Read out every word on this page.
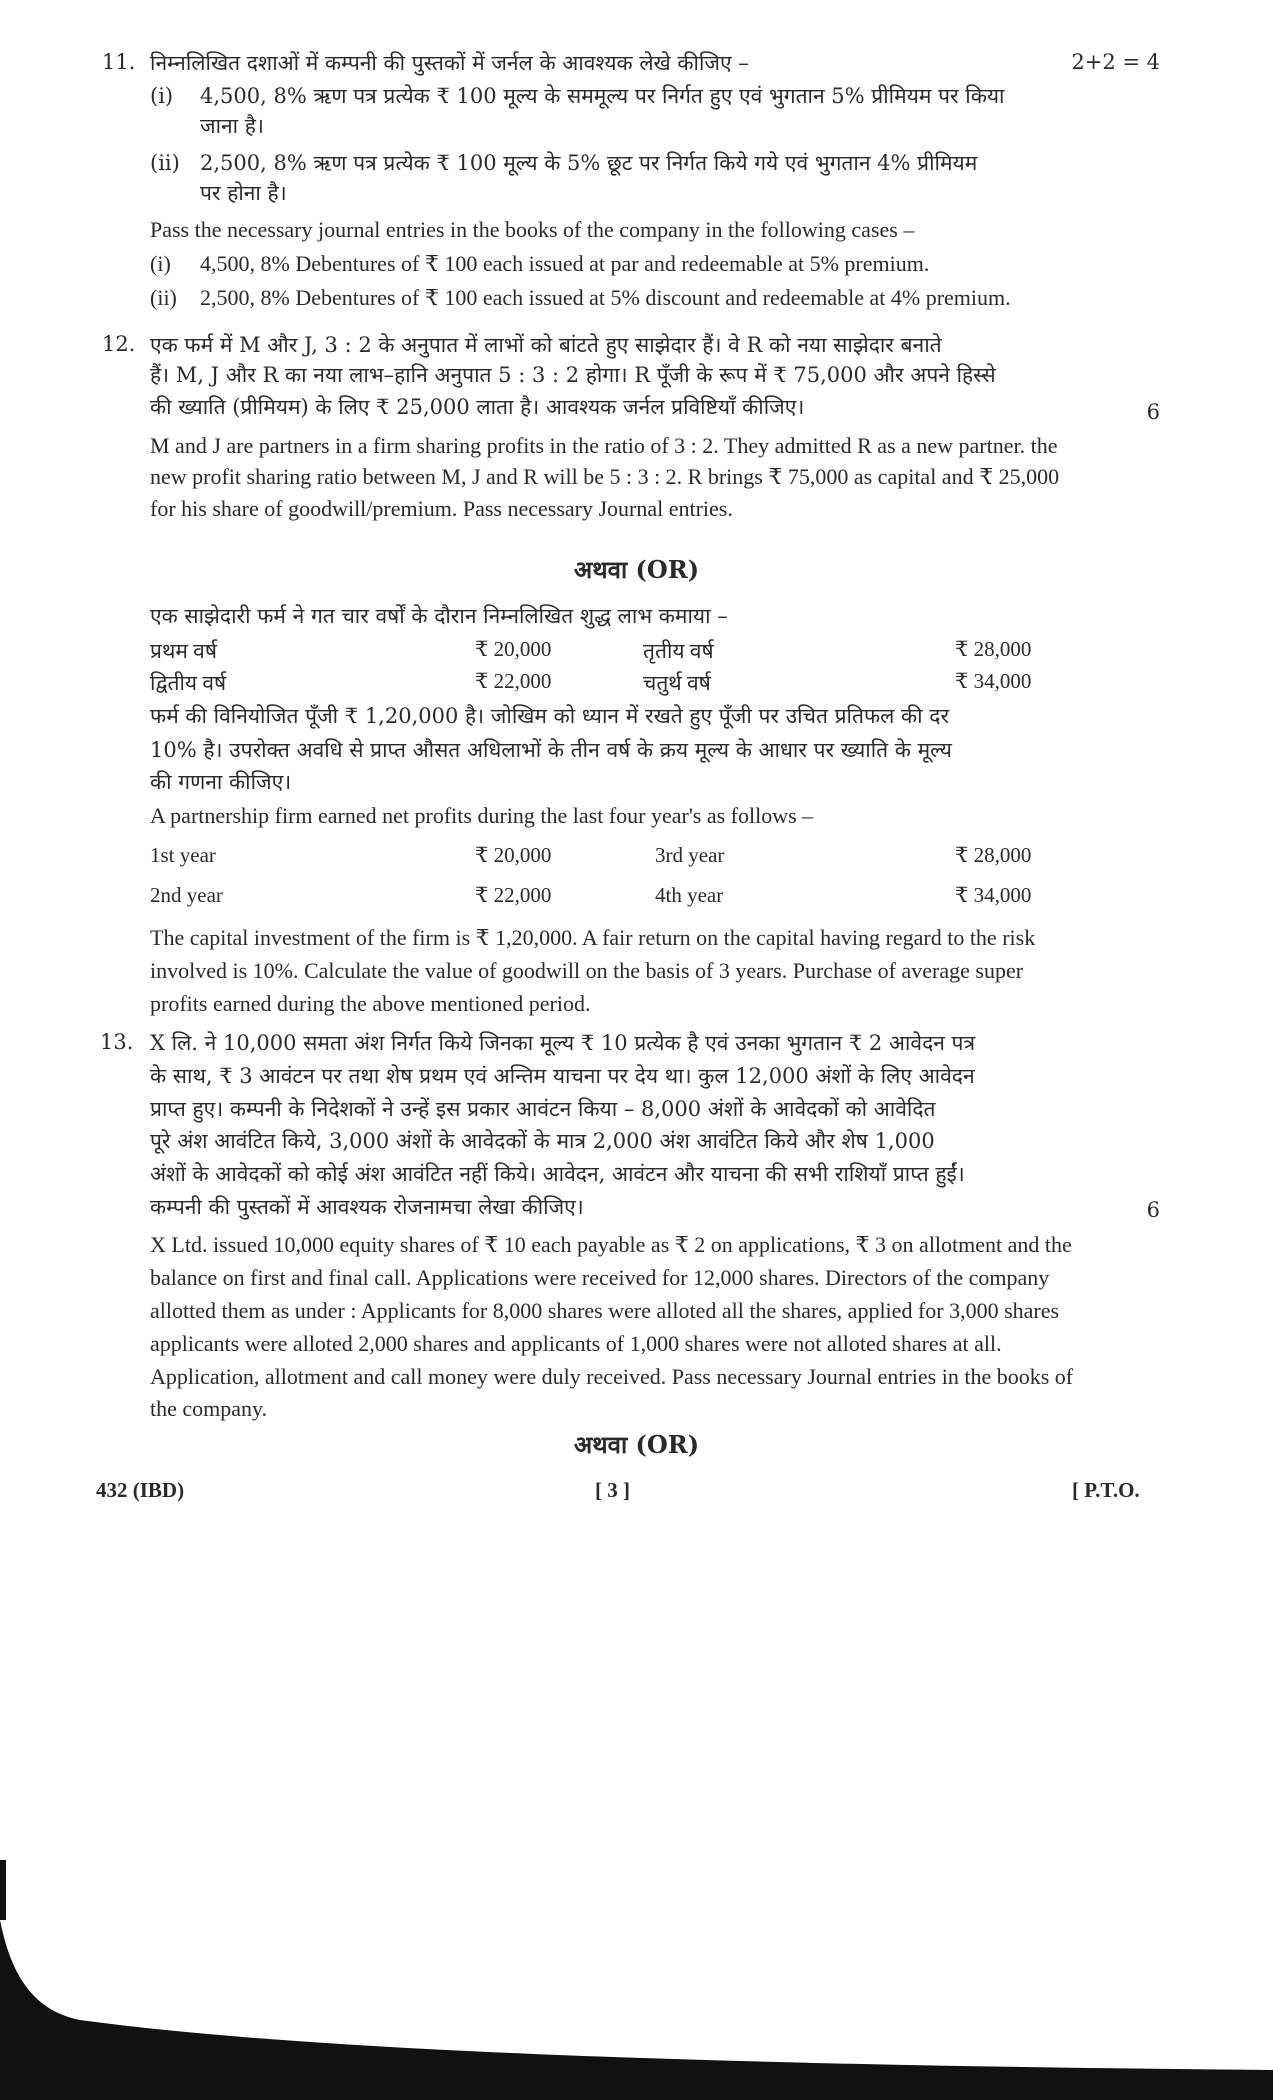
11. निम्नलिखित दशाओं में कम्पनी की पुस्तकों में जर्नल के आवश्यक लेखे कीजिए –	2+2 = 4
(i) 4,500, 8% ऋण पत्र प्रत्येक ₹ 100 मूल्य के सममूल्य पर निर्गत हुए एवं भुगतान 5% प्रीमियम पर किया
जाना है।
(ii) 2,500, 8% ऋण पत्र प्रत्येक ₹ 100 मूल्य के 5% छूट पर निर्गत किये गये एवं भुगतान 4% प्रीमियम
पर होना है।
Pass the necessary journal entries in the books of the company in the following cases –
(i) 4,500, 8% Debentures of ₹ 100 each issued at par and redeemable at 5% premium.
(ii) 2,500, 8% Debentures of ₹ 100 each issued at 5% discount and redeemable at 4% premium.
12. एक फर्म में M और J, 3 : 2 के अनुपात में लाभों को बांटते हुए साझेदार हैं। वे R को नया साझेदार बनाते
हैं। M, J और R का नया लाभ–हानि अनुपात 5 : 3 : 2 होगा। R पूँजी के रूप में ₹ 75,000 और अपने हिस्से
की ख्याति (प्रीमियम) के लिए ₹ 25,000 लाता है। आवश्यक जर्नल प्रविष्टियाँ कीजिए।	6
M and J are partners in a firm sharing profits in the ratio of 3 : 2. They admitted R as a new partner. the
new profit sharing ratio between M, J and R will be 5 : 3 : 2. R brings ₹ 75,000 as capital and ₹ 25,000
for his share of goodwill/premium. Pass necessary Journal entries.
अथवा (OR)
एक साझेदारी फर्म ने गत चार वर्षों के दौरान निम्नलिखित शुद्ध लाभ कमाया –
प्रथम वर्ष	₹ 20,000	तृतीय वर्ष	₹ 28,000
द्वितीय वर्ष	₹ 22,000	चतुर्थ वर्ष	₹ 34,000
फर्म की विनियोजित पूँजी ₹ 1,20,000 है। जोखिम को ध्यान में रखते हुए पूँजी पर उचित प्रतिफल की दर
10% है। उपरोक्त अवधि से प्राप्त औसत अधिलाभों के तीन वर्ष के क्रय मूल्य के आधार पर ख्याति के मूल्य
की गणना कीजिए।
A partnership firm earned net profits during the last four year's as follows –
1st year	₹ 20,000	3rd year	₹ 28,000
2nd year	₹ 22,000	4th year	₹ 34,000
The capital investment of the firm is ₹ 1,20,000. A fair return on the capital having regard to the risk
involved is 10%. Calculate the value of goodwill on the basis of 3 years. Purchase of average super
profits earned during the above mentioned period.
13. X लि. ने 10,000 समता अंश निर्गत किये जिनका मूल्य ₹ 10 प्रत्येक है एवं उनका भुगतान ₹ 2 आवेदन पत्र
के साथ, ₹ 3 आवंटन पर तथा शेष प्रथम एवं अन्तिम याचना पर देय था। कुल 12,000 अंशों के लिए आवेदन
प्राप्त हुए। कम्पनी के निदेशकों ने उन्हें इस प्रकार आवंटन किया – 8,000 अंशों के आवेदकों को आवेदित
पूरे अंश आवंटित किये, 3,000 अंशों के आवेदकों के मात्र 2,000 अंश आवंटित किये और शेष 1,000
अंशों के आवेदकों को कोई अंश आवंटित नहीं किये। आवेदन, आवंटन और याचना की सभी राशियाँ प्राप्त हुईं।
कम्पनी की पुस्तकों में आवश्यक रोजनामचा लेखा कीजिए।	6
X Ltd. issued 10,000 equity shares of ₹ 10 each payable as ₹ 2 on applications, ₹ 3 on allotment and the
balance on first and final call. Applications were received for 12,000 shares. Directors of the company
allotted them as under : Applicants for 8,000 shares were alloted all the shares, applied for 3,000 shares
applicants were alloted 2,000 shares and applicants of 1,000 shares were not alloted shares at all.
Application, allotment and call money were duly received. Pass necessary Journal entries in the books of
the company.
अथवा (OR)
432 (IBD)	[ 3 ]	[ P.T.O.
